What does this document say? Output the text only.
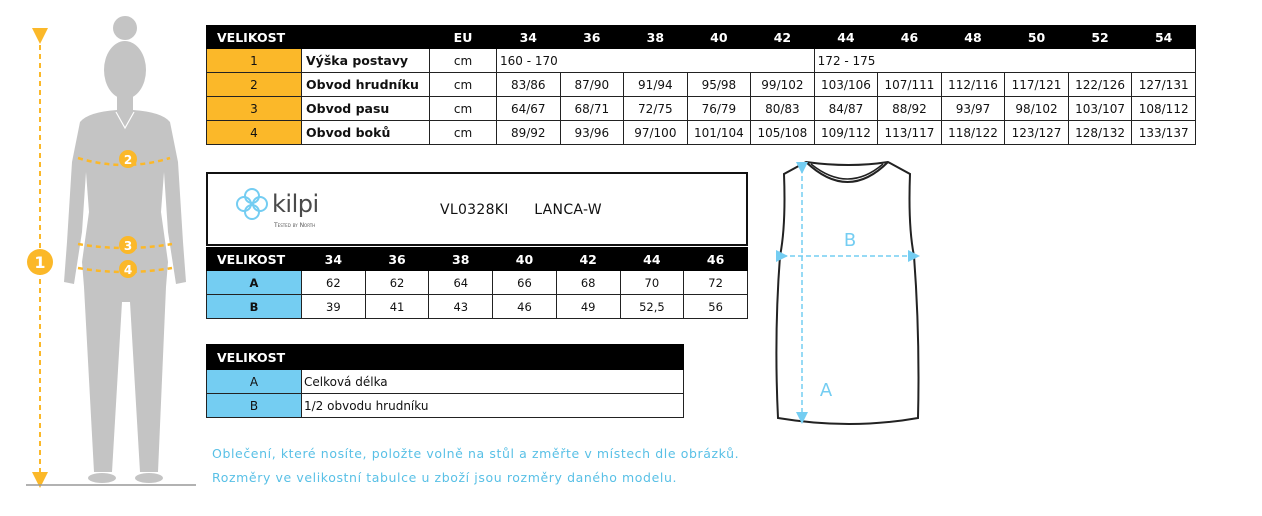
1
2
3
4
VELIKOST		EU	34	36	38	40	42	44	46	48	50	52	54
1	Výška postavy	cm	160 - 170					172 - 175					
2	Obvod hrudníku	cm	83/86	87/90	91/94	95/98	99/102	103/106	107/111	112/116	117/121	122/126	127/131
3	Obvod pasu	cm	64/67	68/71	72/75	76/79	80/83	84/87	88/92	93/97	98/102	103/107	108/112
4	Obvod boků	cm	89/92	93/96	97/100	101/104	105/108	109/112	113/117	118/122	123/127	128/132	133/137
kilpi
Tested by North
VL0328KI LANCA-W
VELIKOST	34	36	38	40	42	44	46
A	62	62	64	66	68	70	72
B	39	41	43	46	49	52,5	56
VELIKOST	
A	Celková délka
B	1/2 obvodu hrudníku
Oblečení, které nosíte, položte volně na stůl a změřte v místech dle obrázků.
Rozměry ve velikostní tabulce u zboží jsou rozměry daného modelu.
B
A
